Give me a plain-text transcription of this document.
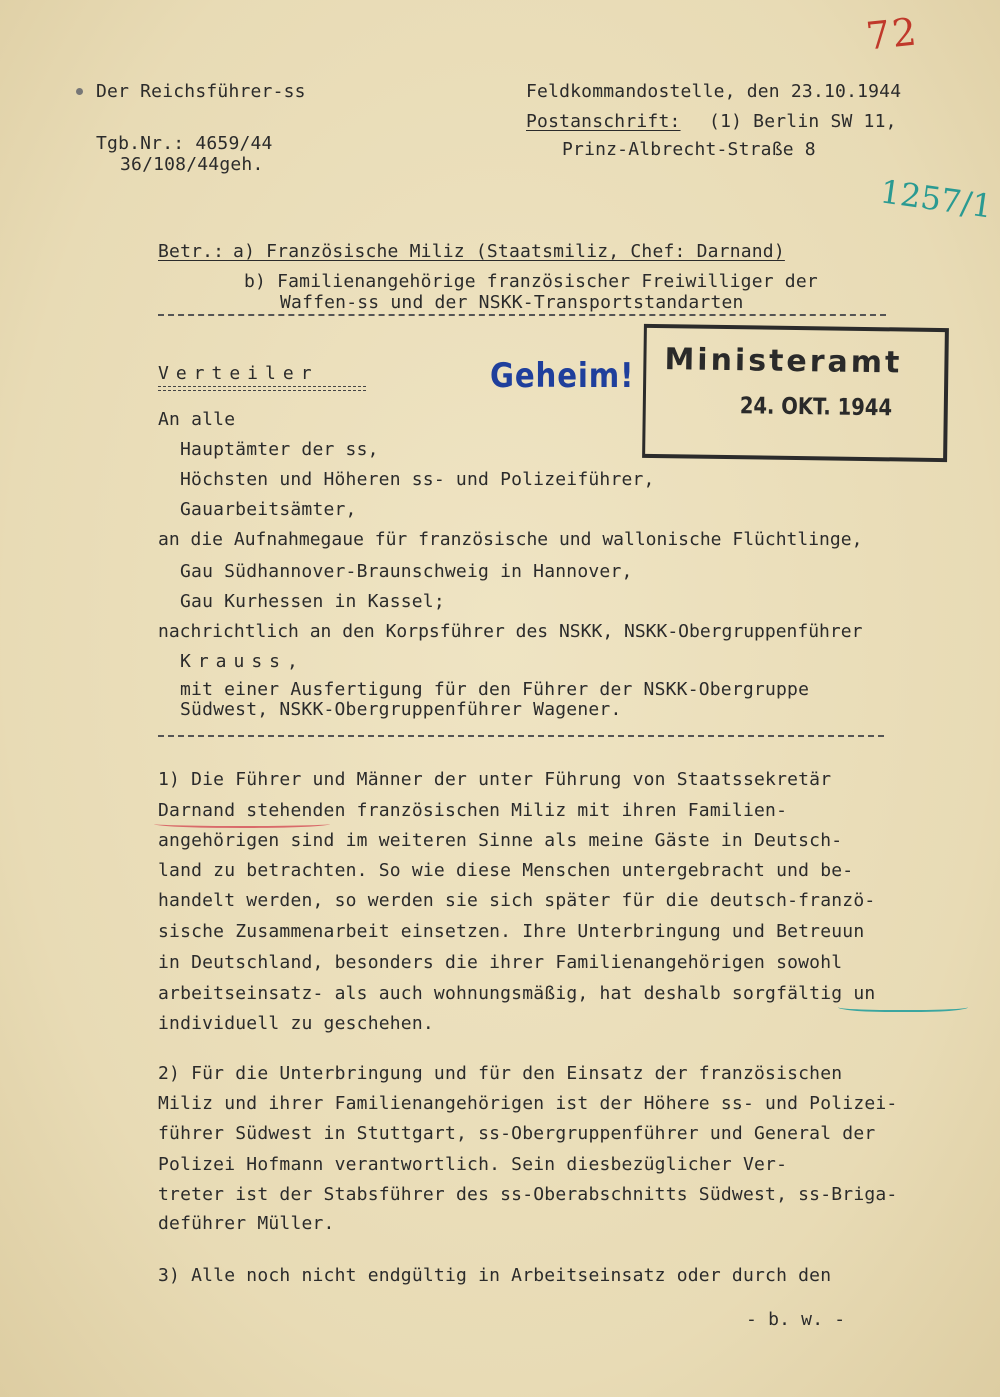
72
1257/1
Der Reichsführer-ss
Tgb.Nr.: 4659/44
36/108/44geh.
Feldkommandostelle, den 23.10.1944
Postanschrift: (1) Berlin SW 11,
Prinz-Albrecht-Straße 8
Betr.:
a) Französische Miliz (Staatsmiliz, Chef: Darnand)
b) Familienangehörige französischer Freiwilliger der
Waffen-ss und der NSKK-Transportstandarten
Geheim! Ministeramt
24. OKT. 1944
Verteiler
An alle
Hauptämter der ss,
Höchsten und Höheren ss- und Polizeiführer,
Gauarbeitsämter,
an die Aufnahmegaue für französische und wallonische Flüchtlinge,
Gau Südhannover-Braunschweig in Hannover,
Gau Kurhessen in Kassel;
nachrichtlich an den Korpsführer des NSKK, NSKK-Obergruppenführer
Krauss,
mit einer Ausfertigung für den Führer der NSKK-Obergruppe
Südwest, NSKK-Obergruppenführer Wagener.
1) Die Führer und Männer der unter Führung von Staatssekretär
Darnand stehenden französischen Miliz mit ihren Familien-
angehörigen sind im weiteren Sinne als meine Gäste in Deutsch-
land zu betrachten. So wie diese Menschen untergebracht und be-
handelt werden, so werden sie sich später für die deutsch-franzö-
sische Zusammenarbeit einsetzen. Ihre Unterbringung und Betreuun
in Deutschland, besonders die ihrer Familienangehörigen sowohl
arbeitseinsatz- als auch wohnungsmäßig, hat deshalb sorgfältig un
individuell zu geschehen.
2) Für die Unterbringung und für den Einsatz der französischen
Miliz und ihrer Familienangehörigen ist der Höhere ss- und Polizei-
führer Südwest in Stuttgart, ss-Obergruppenführer und General der
Polizei Hofmann verantwortlich. Sein diesbezüglicher Ver-
treter ist der Stabsführer des ss-Oberabschnitts Südwest, ss-Briga-
deführer Müller.
3) Alle noch nicht endgültig in Arbeitseinsatz oder durch den
- b. w. -
